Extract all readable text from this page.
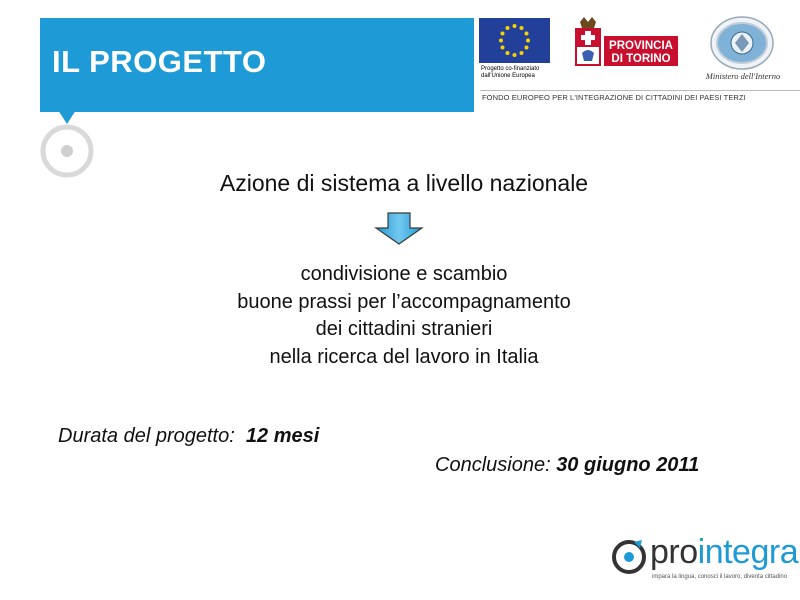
IL PROGETTO	Progetto co-finanziato dall'Unione Europea
PROVINCIA
DI TORINO
Ministero dell'Interno
FONDO EUROPEO PER L'INTEGRAZIONE DI CITTADINI DEI PAESI TERZI
Azione di sistema a livello nazionale
condivisione e scambio
buone prassi per l’accompagnamento
dei cittadini stranieri
nella ricerca del lavoro in Italia
Durata del progetto: 12 mesi
Conclusione: 30 giugno 2011
prointegra
impara la lingua, conosci il lavoro, diventa cittadino
